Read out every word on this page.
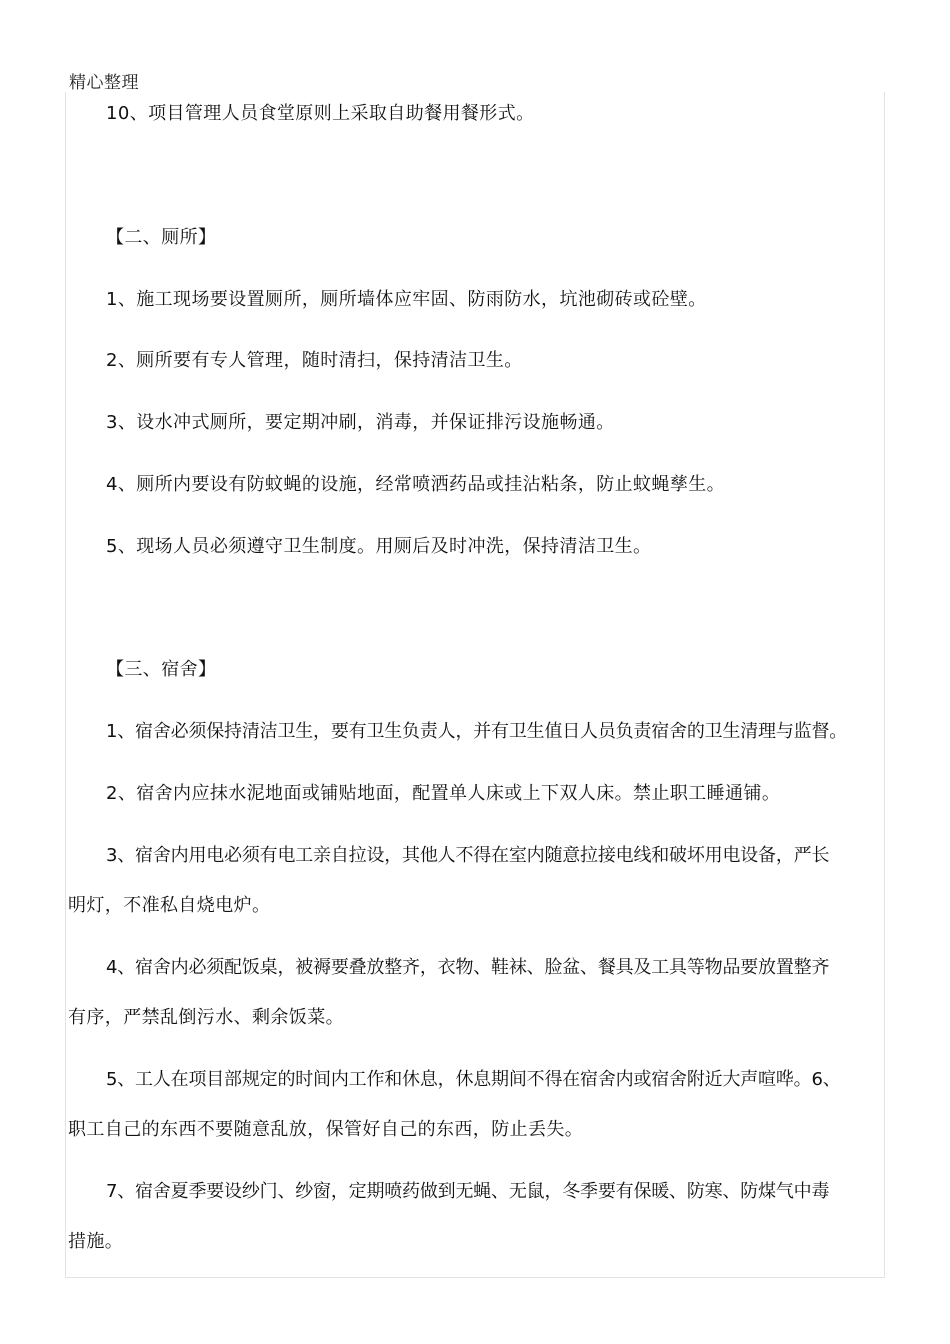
精心整理
10、项目管理人员食堂原则上采取自助餐用餐形式。
【二、厕所】
1、施工现场要设置厕所，厕所墙体应牢固、防雨防水，坑池砌砖或砼壁。
2、厕所要有专人管理，随时清扫，保持清洁卫生。
3、设水冲式厕所，要定期冲刷，消毒，并保证排污设施畅通。
4、厕所内要设有防蚊蝇的设施，经常喷洒药品或挂沾粘条，防止蚊蝇孳生。
5、现场人员必须遵守卫生制度。用厕后及时冲洗，保持清洁卫生。
【三、宿舍】
1、宿舍必须保持清洁卫生，要有卫生负责人，并有卫生值日人员负责宿舍的卫生清理与监督。
2、宿舍内应抹水泥地面或铺贴地面，配置单人床或上下双人床。禁止职工睡通铺。
3、宿舍内用电必须有电工亲自拉设，其他人不得在室内随意拉接电线和破坏用电设备，严长
明灯，不准私自烧电炉。
4、宿舍内必须配饭桌，被褥要叠放整齐，衣物、鞋袜、脸盆、餐具及工具等物品要放置整齐
有序，严禁乱倒污水、剩余饭菜。
5、工人在项目部规定的时间内工作和休息，休息期间不得在宿舍内或宿舍附近大声喧哗。6、
职工自己的东西不要随意乱放，保管好自己的东西，防止丢失。
7、宿舍夏季要设纱门、纱窗，定期喷药做到无蝇、无鼠，冬季要有保暖、防寒、防煤气中毒
措施。
